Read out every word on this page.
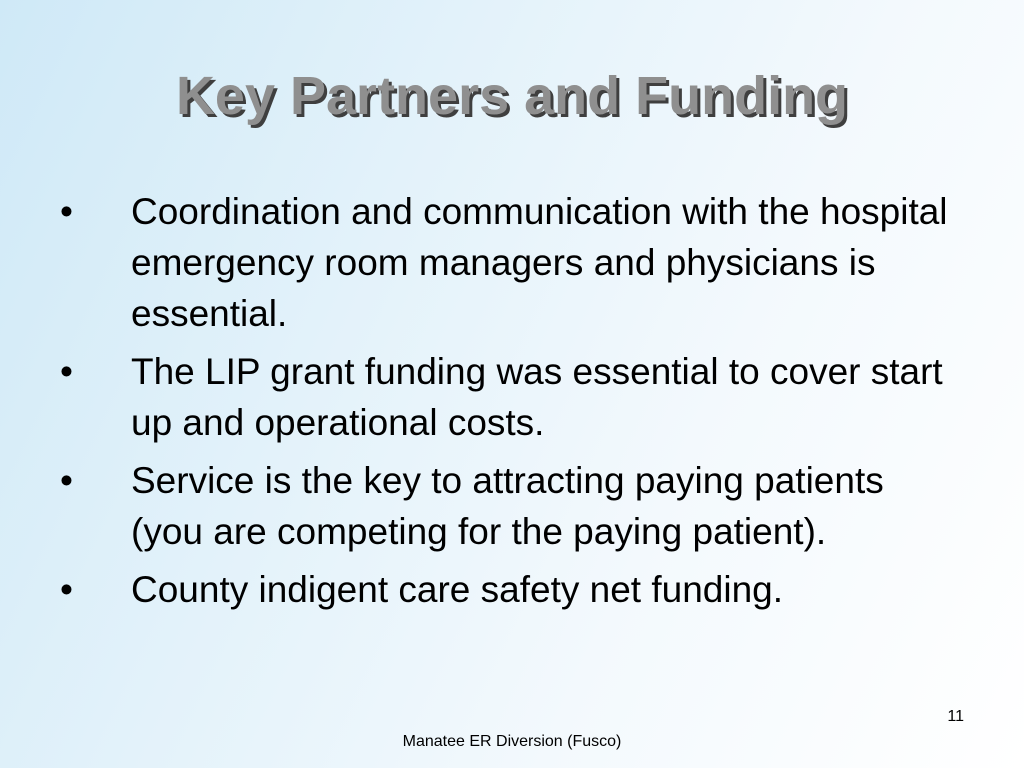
Key Partners and Funding
•	Coordination and communication with the hospital emergency room managers and physicians is essential.
•	The LIP grant funding was essential to cover start up and operational costs.
•	Service is the key to attracting paying patients (you are competing for the paying patient).
•	County indigent care safety net funding.
11
Manatee ER Diversion (Fusco)
